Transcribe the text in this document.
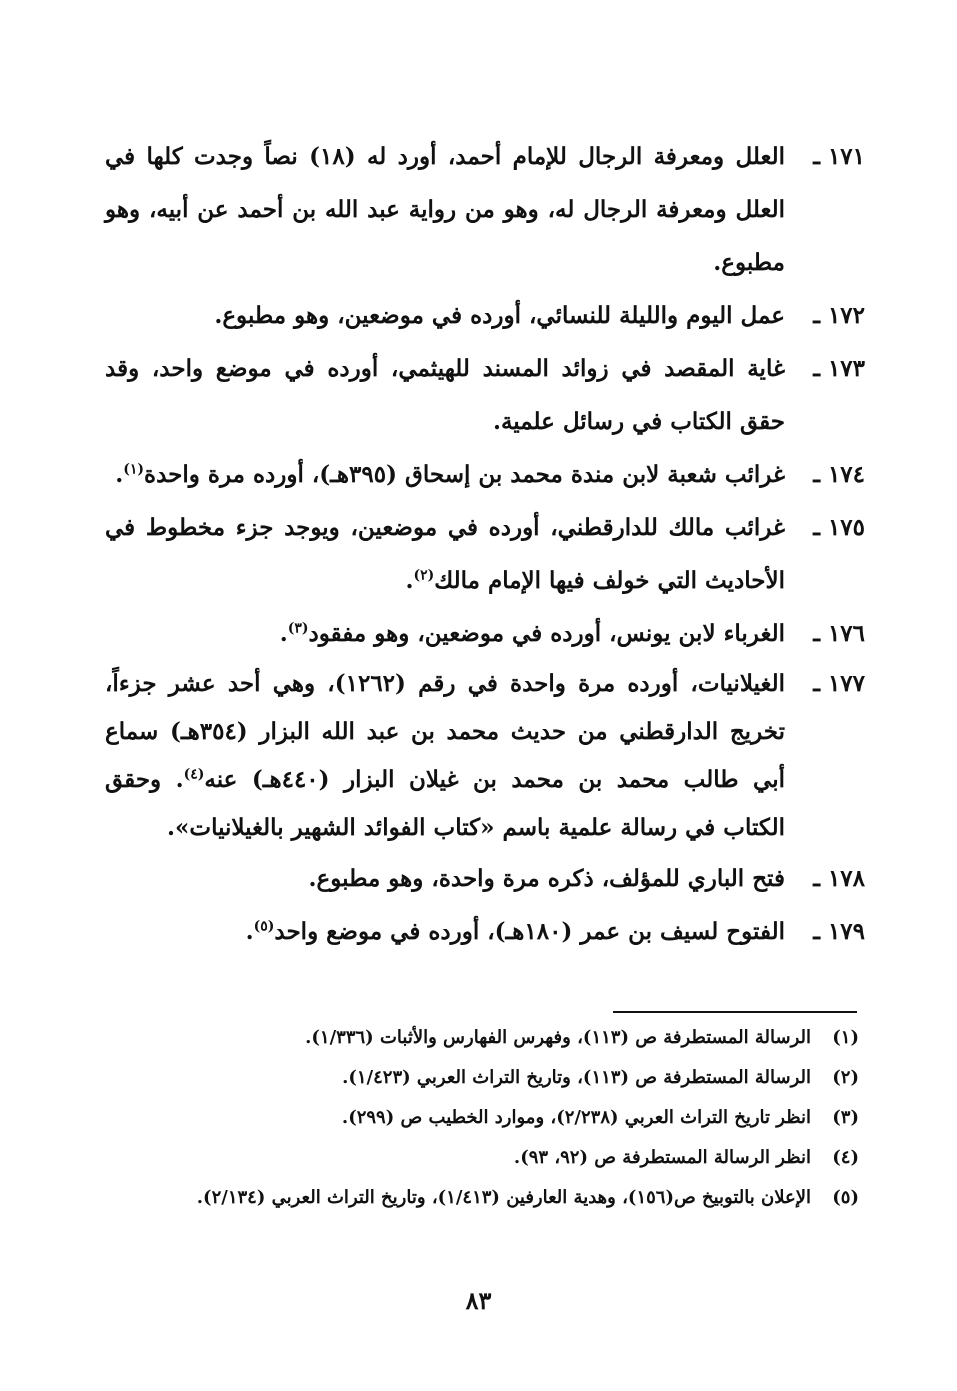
١٧١ ـ
العلل ومعرفة الرجال للإمام أحمد، أورد له (١٨) نصاً وجدت كلها في العلل ومعرفة الرجال له، وهو من رواية عبد الله بن أحمد عن أبيه، وهو مطبوع.

١٧٢ ـ
عمل اليوم والليلة للنسائي، أورده في موضعين، وهو مطبوع.

١٧٣ ـ
غاية المقصد في زوائد المسند للهيثمي، أورده في موضع واحد، وقد حقق الكتاب في رسائل علمية.

١٧٤ ـ
غرائب شعبة لابن مندة محمد بن إسحاق (٣٩٥هـ)، أورده مرة واحدة$^{(١)}$.

١٧٥ ـ
غرائب مالك للدارقطني، أورده في موضعين، ويوجد جزء مخطوط في الأحاديث التي خولف فيها الإمام مالك$^{(٢)}$.

١٧٦ ـ
الغرباء لابن يونس، أورده في موضعين، وهو مفقود$^{(٣)}$.

١٧٧ ـ
الغيلانيات، أورده مرة واحدة في رقم (١٢٦٢)، وهي أحد عشر جزءاً، تخريج الدارقطني من حديث محمد بن عبد الله البزار (٣٥٤هـ) سماع أبي طالب محمد بن محمد بن غيلان البزار (٤٤٠هـ) عنه$^{(٤)}$. وحقق الكتاب في رسالة علمية باسم «كتاب الفوائد الشهير بالغيلانيات».

١٧٨ ـ
فتح الباري للمؤلف، ذكره مرة واحدة، وهو مطبوع.

١٧٩ ـ
الفتوح لسيف بن عمر (١٨٠هـ)، أورده في موضع واحد$^{(٥)}$.

(١)
الرسالة المستطرفة ص (١١٣)، وفهرس الفهارس والأثبات (١/٣٣٦).

(٢)
الرسالة المستطرفة ص (١١٣)، وتاريخ التراث العربي (١/٤٢٣).

(٣)
انظر تاريخ التراث العربي (٢/٢٣٨)، وموارد الخطيب ص (٢٩٩).

(٤)
انظر الرسالة المستطرفة ص (٩٢، ٩٣).

(٥)
الإعلان بالتوبيخ ص(١٥٦)، وهدية العارفين (١/٤١٣)، وتاريخ التراث العربي (٢/١٣٤).

٨٣
